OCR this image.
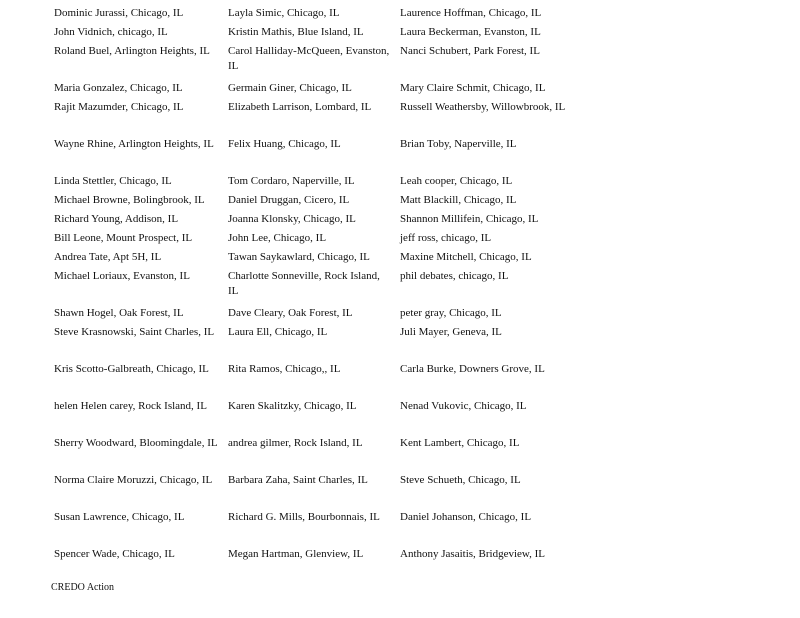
Dominic Jurassi, Chicago, IL	Layla Simic, Chicago, IL	Laurence Hoffman, Chicago, IL
John Vidnich, chicago, IL	Kristin Mathis, Blue Island, IL	Laura Beckerman, Evanston, IL
Roland Buel, Arlington Heights, IL	Carol Halliday-McQueen, Evanston, IL	Nanci Schubert, Park Forest, IL
Maria Gonzalez, Chicago, IL	Germain Giner, Chicago, IL	Mary Claire Schmit, Chicago, IL
Rajit Mazumder, Chicago, IL	Elizabeth Larrison, Lombard, IL	Russell Weathersby, Willowbrook, IL
Wayne Rhine, Arlington Heights, IL	Felix Huang, Chicago, IL	Brian Toby, Naperville, IL
Linda Stettler, Chicago, IL	Tom Cordaro, Naperville, IL	Leah cooper, Chicago, IL
Michael Browne, Bolingbrook, IL	Daniel Druggan, Cicero, IL	Matt Blackill, Chicago, IL
Richard Young, Addison, IL	Joanna Klonsky, Chicago, IL	Shannon Millifein, Chicago, IL
Bill Leone, Mount Prospect, IL	John Lee, Chicago, IL	jeff ross, chicago, IL
Andrea Tate, Apt 5H, IL	Tawan Saykawlard, Chicago, IL	Maxine Mitchell, Chicago, IL
Michael Loriaux, Evanston, IL	Charlotte Sonneville, Rock Island, IL	phil debates, chicago, IL
Shawn Hogel, Oak Forest, IL	Dave Cleary, Oak Forest, IL	peter gray, Chicago, IL
Steve Krasnowski, Saint Charles, IL	Laura Ell, Chicago, IL	Juli Mayer, Geneva, IL
Kris Scotto-Galbreath, Chicago, IL	Rita Ramos, Chicago,, IL	Carla Burke, Downers Grove, IL
helen Helen carey, Rock Island, IL	Karen Skalitzky, Chicago, IL	Nenad Vukovic, Chicago, IL
Sherry Woodward, Bloomingdale, IL	andrea gilmer, Rock Island, IL	Kent Lambert, Chicago, IL
Norma Claire Moruzzi, Chicago, IL	Barbara Zaha, Saint Charles, IL	Steve Schueth, Chicago, IL
Susan Lawrence, Chicago, IL	Richard G. Mills, Bourbonnais, IL	Daniel Johanson, Chicago, IL
Spencer Wade, Chicago, IL	Megan Hartman, Glenview, IL	Anthony Jasaitis, Bridgeview, IL
CREDO Action
